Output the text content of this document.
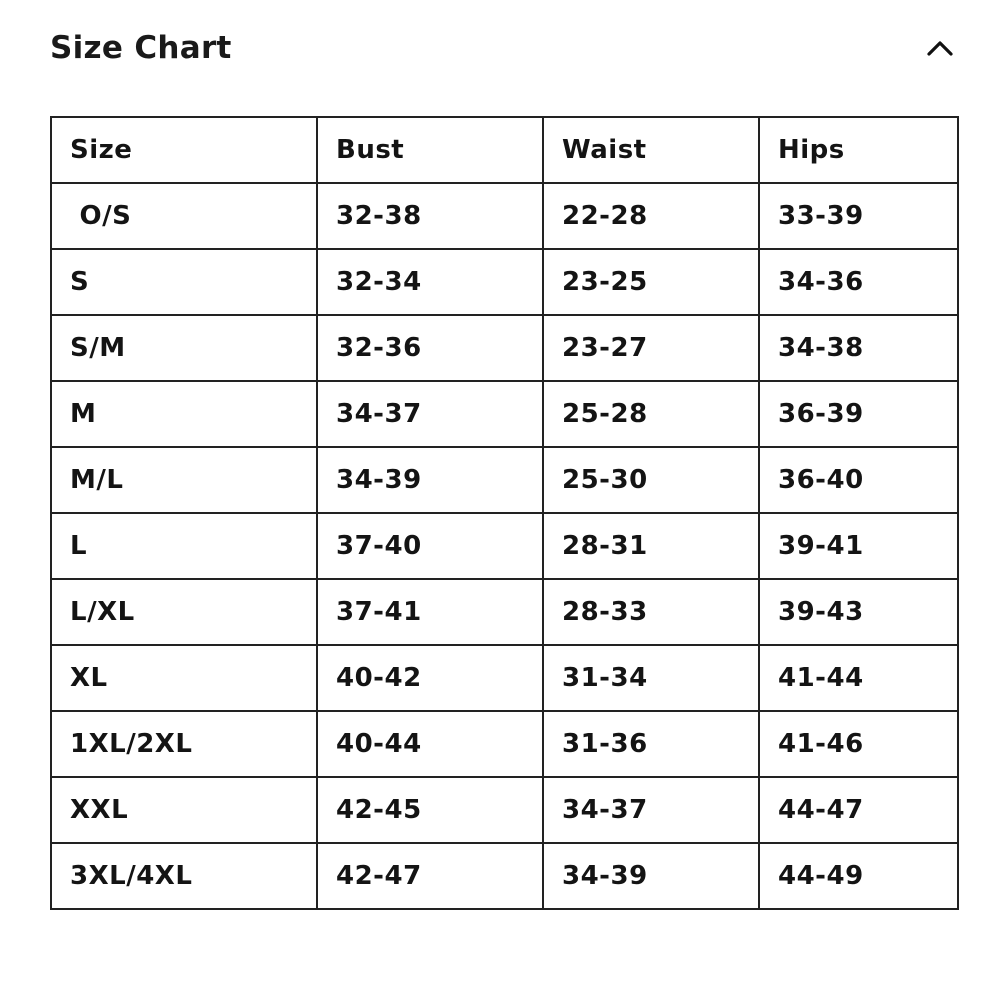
Size Chart
Size	Bust	Waist	Hips
O/S	32-38	22-28	33-39
S	32-34	23-25	34-36
S/M	32-36	23-27	34-38
M	34-37	25-28	36-39
M/L	34-39	25-30	36-40
L	37-40	28-31	39-41
L/XL	37-41	28-33	39-43
XL	40-42	31-34	41-44
1XL/2XL	40-44	31-36	41-46
XXL	42-45	34-37	44-47
3XL/4XL	42-47	34-39	44-49
